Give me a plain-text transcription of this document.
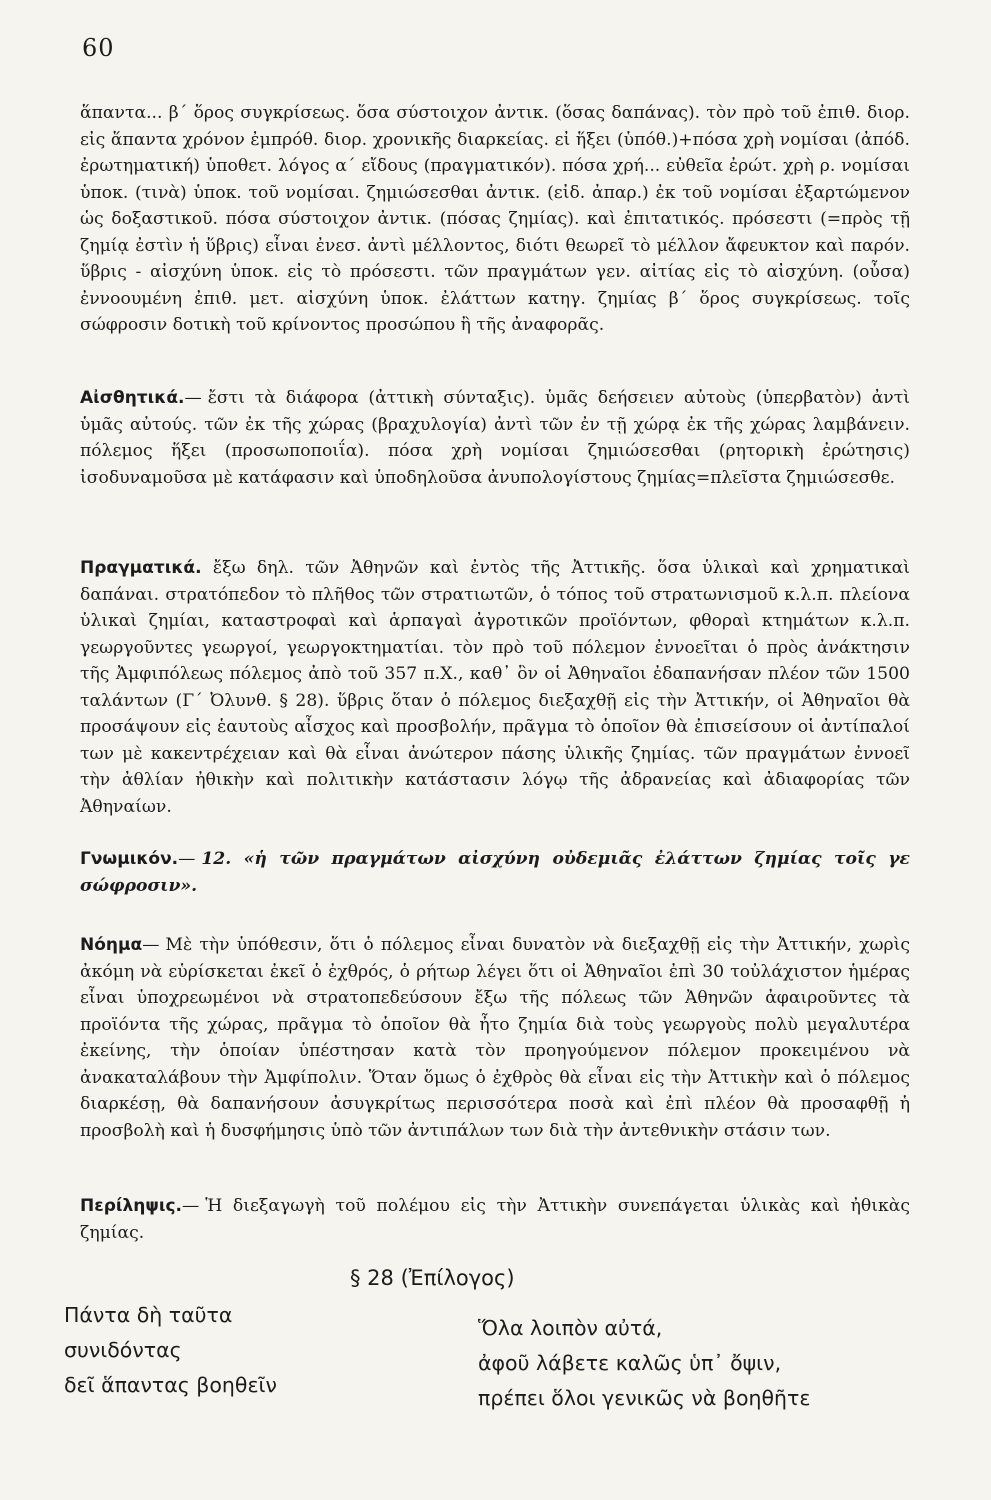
60

ἅπαντα... β΄ ὅρος συγκρίσεως. ὅσα σύστοιχον ἀντικ. (ὅσας δαπάνας). τὸν πρὸ τοῦ ἐπιθ. διορ. εἰς ἅπαντα χρόνον ἐμπρόθ. διορ. χρονικῆς διαρκείας. εἰ ἥξει (ὑπόθ.)+πόσα χρὴ νομίσαι (ἀπόδ. ἐρωτηματική) ὑποθετ. λόγος α΄ εἴδους (πραγματικόν). πόσα χρή... εὐθεῖα ἐρώτ. χρὴ ρ. νομίσαι ὑποκ. (τινὰ) ὑποκ. τοῦ νομίσαι. ζημιώσεσθαι ἀντικ. (εἰδ. ἀπαρ.) ἐκ τοῦ νομίσαι ἐξαρτώμενον ὡς δοξαστικοῦ. πόσα σύστοιχον ἀντικ. (πόσας ζημίας). καὶ ἐπιτατικός. πρόσεστι (=πρὸς τῇ ζημίᾳ ἐστὶν ἡ ὕβρις) εἶναι ἐνεσ. ἀντὶ μέλλοντος, διότι θεωρεῖ τὸ μέλλον ἄφευκτον καὶ παρόν. ὕβρις - αἰσχύνη ὑποκ. εἰς τὸ πρόσεστι. τῶν πραγμάτων γεν. αἰτίας εἰς τὸ αἰσχύνη. (οὖσα) ἐννοουμένη ἐπιθ. μετ. αἰσχύνη ὑποκ. ἐλάττων κατηγ. ζημίας β΄ ὅρος συγκρίσεως. τοῖς σώφροσιν δοτικὴ τοῦ κρίνοντος προσώπου ἢ τῆς ἀναφορᾶς.

Αἰσθητικά.— ἔστι τὰ διάφορα (ἀττικὴ σύνταξις). ὑμᾶς δεήσειεν αὐτοὺς (ὑπερβατὸν) ἀντὶ ὑμᾶς αὐτούς. τῶν ἐκ τῆς χώρας (βραχυλογία) ἀντὶ τῶν ἐν τῇ χώρᾳ ἐκ τῆς χώρας λαμβάνειν. πόλεμος ἥξει (προσωποποιΐα). πόσα χρὴ νομίσαι ζημιώσεσθαι (ρητορικὴ ἐρώτησις) ἰσοδυναμοῦσα μὲ κατάφασιν καὶ ὑποδηλοῦσα ἀνυπολογίστους ζημίας=πλεῖστα ζημιώσεσθε.

Πραγματικά. ἔξω δηλ. τῶν Ἀθηνῶν καὶ ἐντὸς τῆς Ἀττικῆς. ὅσα ὑλικαὶ καὶ χρηματικαὶ δαπάναι. στρατόπεδον τὸ πλῆθος τῶν στρατιωτῶν, ὁ τόπος τοῦ στρατωνισμοῦ κ.λ.π. πλείονα ὑλικαὶ ζημίαι, καταστροφαὶ καὶ ἁρπαγαὶ ἀγροτικῶν προϊόντων, φθοραὶ κτημάτων κ.λ.π. γεωργοῦντες γεωργοί, γεωργοκτηματίαι. τὸν πρὸ τοῦ πόλεμον ἐννοεῖται ὁ πρὸς ἀνάκτησιν τῆς Ἀμφιπόλεως πόλεμος ἀπὸ τοῦ 357 π.Χ., καθ᾽ ὃν οἱ Ἀθηναῖοι ἐδαπανήσαν πλέον τῶν 1500 ταλάντων (Γ΄ Ὀλυνθ. § 28). ὕβρις ὅταν ὁ πόλεμος διεξαχθῇ εἰς τὴν Ἀττικήν, οἱ Ἀθηναῖοι θὰ προσάψουν εἰς ἑαυτοὺς αἶσχος καὶ προσβολήν, πρᾶγμα τὸ ὁποῖον θὰ ἐπισείσουν οἱ ἀντίπαλοί των μὲ κακεντρέχειαν καὶ θὰ εἶναι ἀνώτερον πάσης ὑλικῆς ζημίας. τῶν πραγμάτων ἐννοεῖ τὴν ἀθλίαν ἠθικὴν καὶ πολιτικὴν κατάστασιν λόγῳ τῆς ἀδρανείας καὶ ἀδιαφορίας τῶν Ἀθηναίων.

Γνωμικόν.— 12. «ἡ τῶν πραγμάτων αἰσχύνη οὐδεμιᾶς ἐλάττων ζημίας τοῖς γε σώφροσιν».

Νόημα— Μὲ τὴν ὑπόθεσιν, ὅτι ὁ πόλεμος εἶναι δυνατὸν νὰ διεξαχθῇ εἰς τὴν Ἀττικήν, χωρὶς ἀκόμη νὰ εὑρίσκεται ἐκεῖ ὁ ἐχθρός, ὁ ρήτωρ λέγει ὅτι οἱ Ἀθηναῖοι ἐπὶ 30 τοὐλάχιστον ἡμέρας εἶναι ὑποχρεωμένοι νὰ στρατοπεδεύσουν ἔξω τῆς πόλεως τῶν Ἀθηνῶν ἀφαιροῦντες τὰ προϊόντα τῆς χώρας, πρᾶγμα τὸ ὁποῖον θὰ ἦτο ζημία διὰ τοὺς γεωργοὺς πολὺ μεγαλυτέρα ἐκείνης, τὴν ὁποίαν ὑπέστησαν κατὰ τὸν προηγούμενον πόλεμον προκειμένου νὰ ἀνακαταλάβουν τὴν Ἀμφίπολιν. Ὅταν ὅμως ὁ ἐχθρὸς θὰ εἶναι εἰς τὴν Ἀττικὴν καὶ ὁ πόλεμος διαρκέσῃ, θὰ δαπανήσουν ἀσυγκρίτως περισσότερα ποσὰ καὶ ἐπὶ πλέον θὰ προσαφθῇ ἡ προσβολὴ καὶ ἡ δυσφήμησις ὑπὸ τῶν ἀντιπάλων των διὰ τὴν ἀντεθνικὴν στάσιν των.

Περίληψις.— Ἡ διεξαγωγὴ τοῦ πολέμου εἰς τὴν Ἀττικὴν συνεπάγεται ὑλικὰς καὶ ἠθικὰς ζημίας.

§ 28 (Ἐπίλογος)
Πάντα δὴ ταῦτα
συνιδόντας
δεῖ ἅπαντας βοηθεῖν
Ὅλα λοιπὸν αὐτά,
ἀφοῦ λάβετε καλῶς ὑπ᾽ ὄψιν,
πρέπει ὅλοι γενικῶς νὰ βοηθῆτε
